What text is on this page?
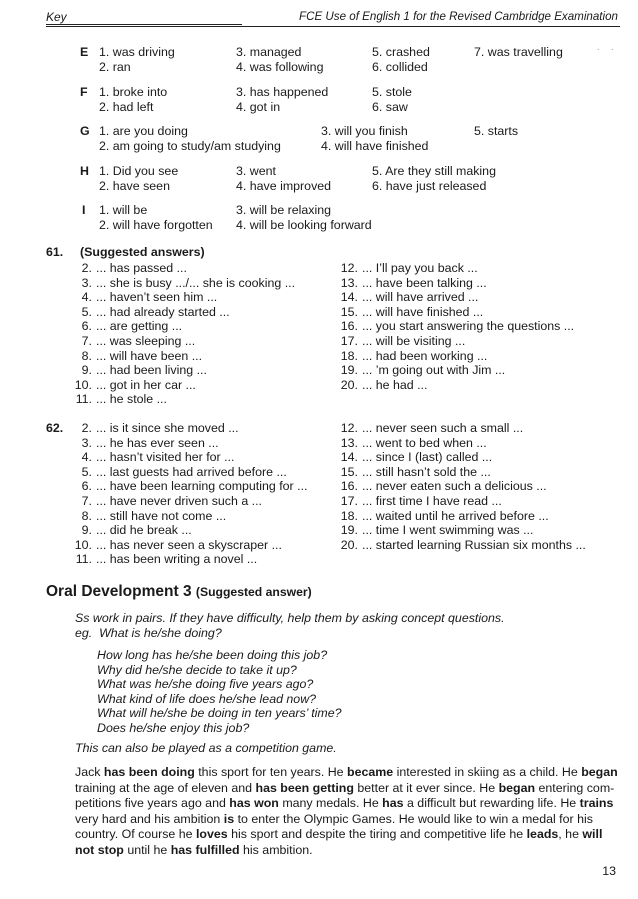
Key	FCE Use of English 1 for the Revised Cambridge Examination
· ·
E 1. was driving
2. ran
3. managed
4. was following
5. crashed
6. collided
7. was travelling
F 1. broke into
2. had left
3. has happened
4. got in
5. stole
6. saw
G 1. are you doing
2. am going to study/am studying
3. will you finish
4. will have finished
5. starts
H 1. Did you see
2. have seen
3. went
4. have improved
5. Are they still making
6. have just released
I 1. will be
2. will have forgotten
3. will be relaxing
4. will be looking forward
61. (Suggested answers)
2. ... has passed ...
3. ... she is busy .../... she is cooking ...
4. ... haven’t seen him ...
5. ... had already started ...
6. ... are getting ...
7. ... was sleeping ...
8. ... will have been ...
9. ... had been living ...
10. ... got in her car ...
11. ... he stole ...
12. ... I’ll pay you back ...
13. ... have been talking ...
14. ... will have arrived ...
15. ... will have finished ...
16. ... you start answering the questions ...
17. ... will be visiting ...
18. ... had been working ...
19. ... ’m going out with Jim ...
20. ... he had ...
62.	2. ... is it since she moved ...
3. ... he has ever seen ...
4. ... hasn’t visited her for ...
5. ... last guests had arrived before ...
6. ... have been learning computing for ...
7. ... have never driven such a ...
8. ... still have not come ...
9. ... did he break ...
10. ... has never seen a skyscraper ...
11. ... has been writing a novel ...
12. ... never seen such a small ...
13. ... went to bed when ...
14. ... since I (last) called ...
15. ... still hasn’t sold the ...
16. ... never eaten such a delicious ...
17. ... first time I have read ...
18. ... waited until he arrived before ...
19. ... time I went swimming was ...
20. ... started learning Russian six months ...
Oral Development 3 (Suggested answer)
Ss work in pairs. If they have difficulty, help them by asking concept questions.
eg.  What is he/she doing?
How long has he/she been doing this job?
Why did he/she decide to take it up?
What was he/she doing five years ago?
What kind of life does he/she lead now?
What will he/she be doing in ten years’ time?
Does he/she enjoy this job?
This can also be played as a competition game.
Jack has been doing this sport for ten years. He became interested in skiing as a child. He began training at the age of eleven and has been getting better at it ever since. He began entering com-petitions five years ago and has won many medals. He has a difficult but rewarding life. He trains very hard and his ambition is to enter the Olympic Games. He would like to win a medal for his country. Of course he loves his sport and despite the tiring and competitive life he leads, he will not stop until he has fulfilled his ambition.
13
